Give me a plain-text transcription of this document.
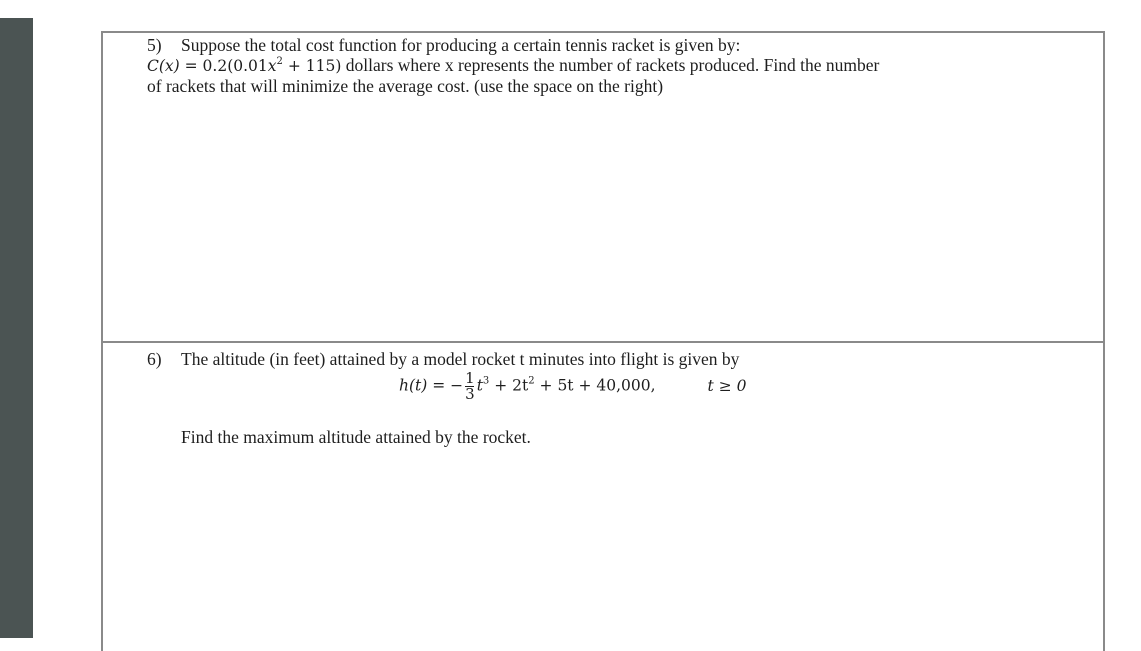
5) Suppose the total cost function for producing a certain tennis racket is given by:
$C(x) = 0.2(0.01x^2 + 115)$ dollars where x represents the number of rackets produced. Find the number
of rackets that will minimize the average cost. (use the space on the right)
6) The altitude (in feet) attained by a model rocket t minutes into flight is given by
h(t) = − $\frac{1}{3} t^3 + 2t^2 + 5t + 40,000$,	t ≥ 0
Find the maximum altitude attained by the rocket.
